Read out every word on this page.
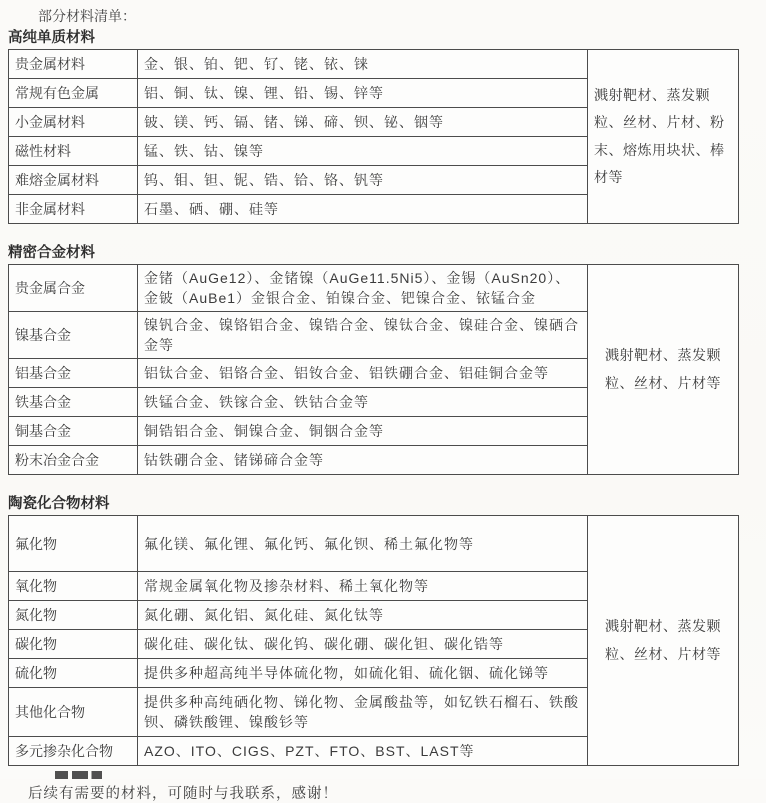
部分材料清单：

高纯单质材料

贵金属材料	金、银、铂、钯、钌、铑、铱、铼	溅射靶材、蒸发颗粒、丝材、片材、粉末、熔炼用块状、棒材等
常规有色金属	铝、铜、钛、镍、锂、铅、锡、锌等	
小金属材料	铍、镁、钙、镉、锗、锑、碲、钡、铋、铟等	
磁性材料	锰、铁、钴、镍等	
难熔金属材料	钨、钼、钽、铌、锆、铪、铬、钒等	
非金属材料	石墨、硒、硼、硅等	

精密合金材料

贵金属合金	金锗（AuGe12）、金锗镍（AuGe11.5Ni5）、金锡（AuSn20）、金铍（AuBe1）金银合金、铂镍合金、钯镍合金、铱锰合金	溅射靶材、蒸发颗粒、丝材、片材等
镍基合金	镍钒合金、镍铬铝合金、镍锆合金、镍钛合金、镍硅合金、镍硒合金等	
铝基合金	铝钛合金、铝铬合金、铝钕合金、铝铁硼合金、铝硅铜合金等	
铁基合金	铁锰合金、铁镓合金、铁钴合金等	
铜基合金	铜锆铝合金、铜镍合金、铜铟合金等	
粉末冶金合金	钴铁硼合金、锗锑碲合金等	

陶瓷化合物材料

氟化物	氟化镁、氟化锂、氟化钙、氟化钡、稀土氟化物等	溅射靶材、蒸发颗粒、丝材、片材等
氧化物	常规金属氧化物及掺杂材料、稀土氧化物等	
氮化物	氮化硼、氮化铝、氮化硅、氮化钛等	
碳化物	碳化硅、碳化钛、碳化钨、碳化硼、碳化钽、碳化锆等	
硫化物	提供多种超高纯半导体硫化物，如硫化钼、硫化铟、硫化锑等	
其他化合物	提供多种高纯硒化物、锑化物、金属酸盐等，如钇铁石榴石、铁酸钡、磷铁酸锂、镍酸钐等	
多元掺杂化合物	AZO、ITO、CIGS、PZT、FTO、BST、LAST等	

后续有需要的材料，可随时与我联系，感谢！
